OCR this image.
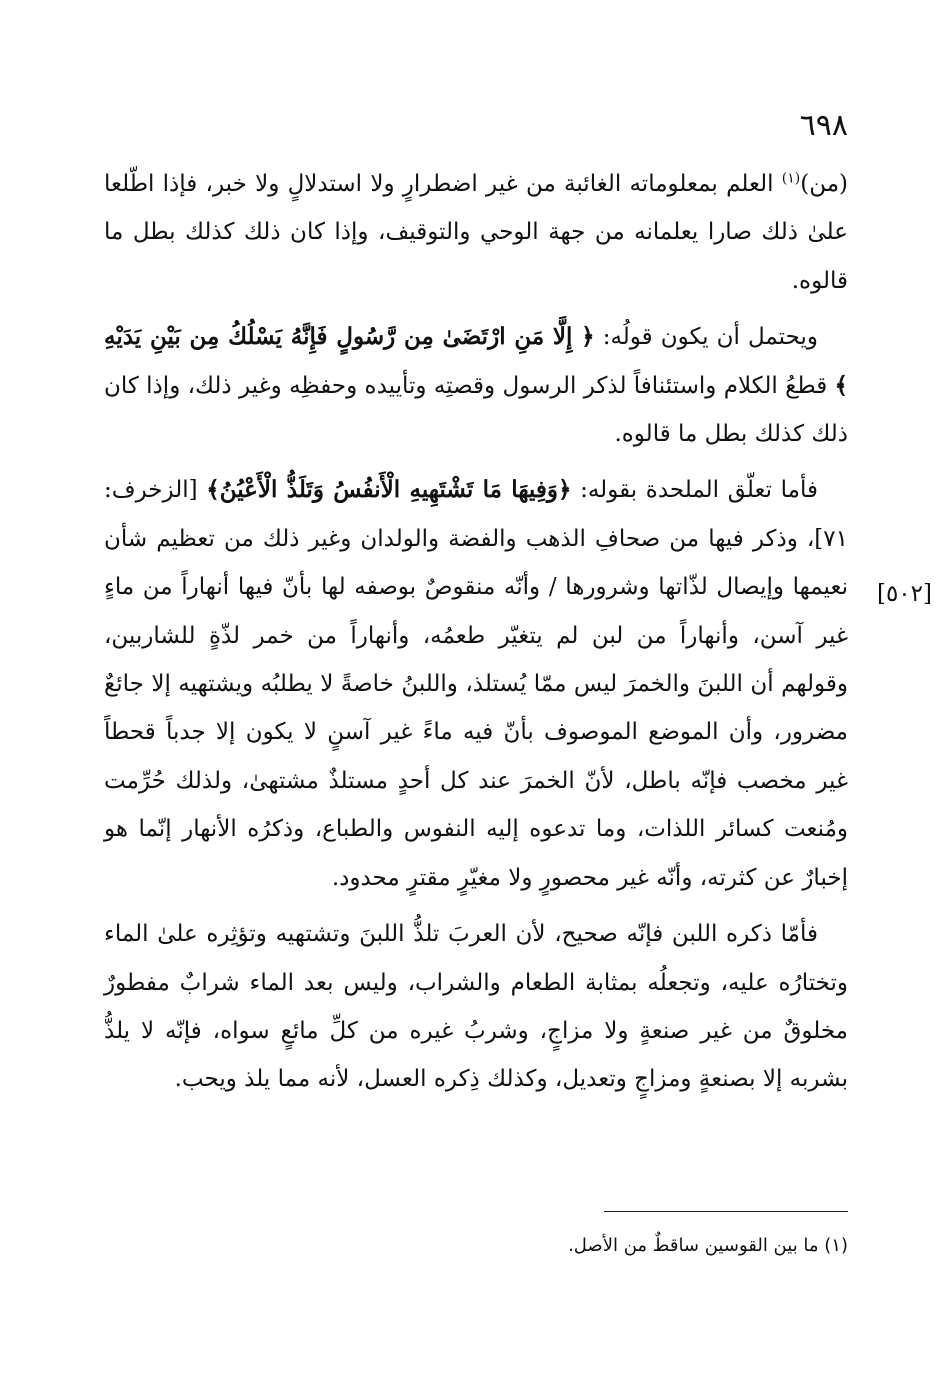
٦٩٨
[٥٠٢]

(من)$^{(١)}$ العلم بمعلوماته الغائبة من غير اضطرارٍ ولا استدلالٍ ولا خبر، فإذا اطّلعا علىٰ ذلك صارا يعلمانه من جهة الوحي والتوقيف، وإذا كان ذلك كذلك بطل ما قالوه.

ويحتمل أن يكون قولُه: ﴿ إِلَّا مَنِ ارْتَضَىٰ مِن رَّسُولٍ فَإِنَّهُ يَسْلُكُ مِن بَيْنِ يَدَيْهِ ﴾ قطعُ الكلام واستئنافاً لذكر الرسول وقصتِه وتأييده وحفظِه وغير ذلك، وإذا كان ذلك كذلك بطل ما قالوه.

فأما تعلّق الملحدة بقوله: ﴿وَفِيهَا مَا تَشْتَهِيهِ الْأَنفُسُ وَتَلَذُّ الْأَعْيُنُ﴾ [الزخرف: ٧١]، وذكر فيها من صحافِ الذهب والفضة والولدان وغير ذلك من تعظيم شأن نعيمها وإيصال لذّاتها وشرورها / وأنّه منقوصٌ بوصفه لها بأنّ فيها أنهاراً من ماءٍ غير آسن، وأنهاراً من لبن لم يتغيّر طعمُه، وأنهاراً من خمر لذّةٍ للشاربين، وقولهم أن اللبنَ والخمرَ ليس ممّا يُستلذ، واللبنُ خاصةً لا يطلبُه ويشتهيه إلا جائعٌ مضرور، وأن الموضع الموصوف بأنّ فيه ماءً غير آسنٍ لا يكون إلا جدباً قحطاً غير مخصب فإنّه باطل، لأنّ الخمرَ عند كل أحدٍ مستلذٌ مشتهىٰ، ولذلك حُرِّمت ومُنعت كسائر اللذات، وما تدعوه إليه النفوس والطباع، وذكرُه الأنهار إنّما هو إخبارٌ عن كثرته، وأنّه غير محصورٍ ولا مغيّرٍ مقترٍ محدود.

فأمّا ذكره اللبن فإنّه صحيح، لأن العربَ تلذُّ اللبنَ وتشتهيه وتؤثِره علىٰ الماء وتختارُه عليه، وتجعلُه بمثابة الطعام والشراب، وليس بعد الماء شرابٌ مفطورٌ مخلوقٌ من غير صنعةٍ ولا مزاجٍ، وشربُ غيره من كلِّ مائعٍ سواه، فإنّه لا يلذُّ بشربه إلا بصنعةٍ ومزاجٍ وتعديل، وكذلك ذِكره العسل، لأنه مما يلذ ويحب.

(١) ما بين القوسين ساقطٌ من الأصل.
